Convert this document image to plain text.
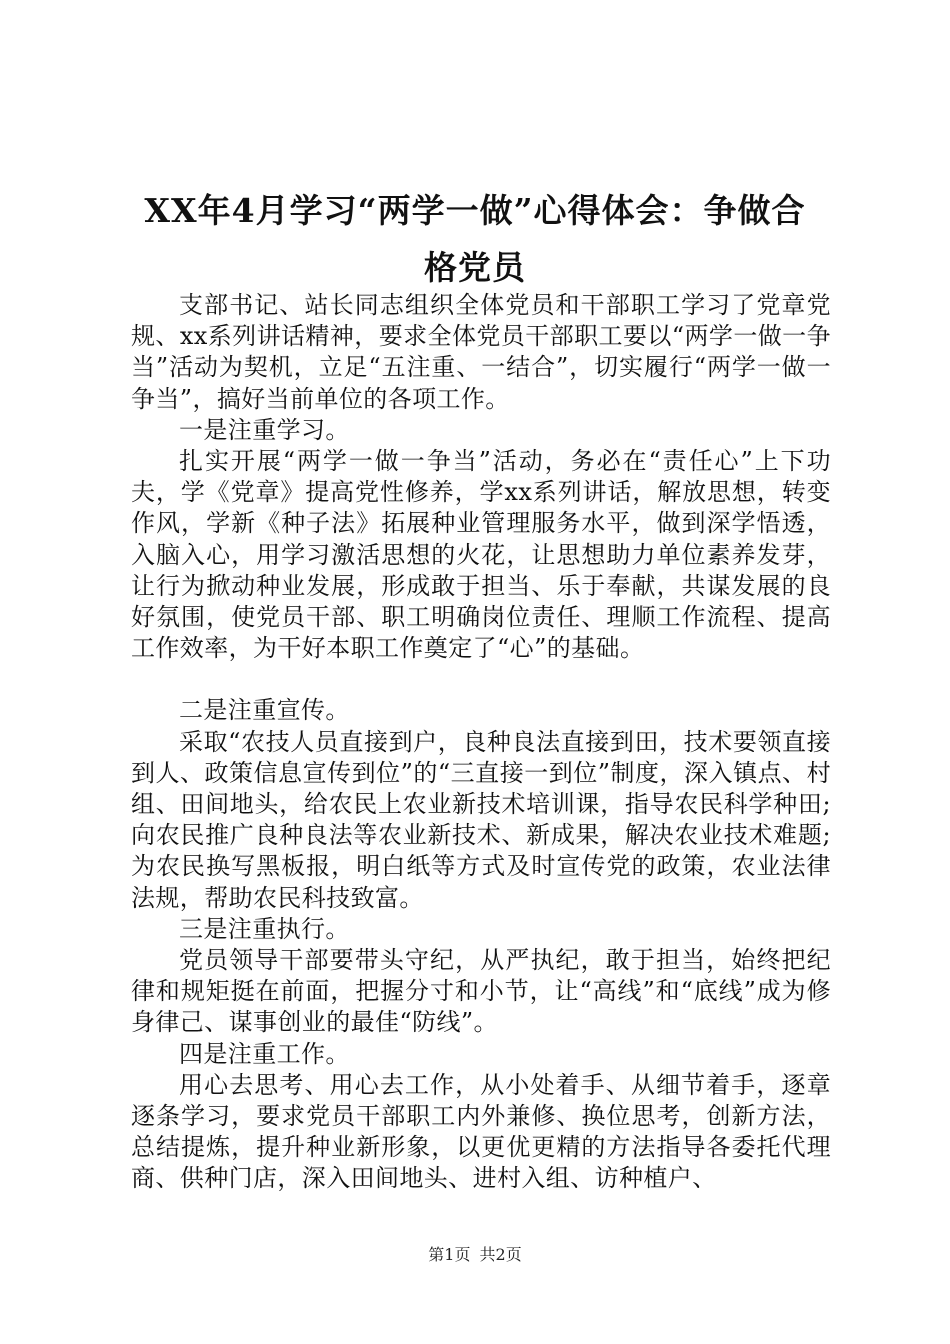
XX年4月学习“两学一做”心得体会：争做合
格党员

支部书记、站长同志组织全体党员和干部职工学习了党章党规、xx系列讲话精神，要求全体党员干部职工要以“两学一做一争当”活动为契机，立足“五注重、一结合”，切实履行“两学一做一争当”，搞好当前单位的各项工作。

一是注重学习。

扎实开展“两学一做一争当”活动，务必在“责任心”上下功夫，学《党章》提高党性修养，学xx系列讲话，解放思想，转变作风，学新《种子法》拓展种业管理服务水平，做到深学悟透，入脑入心，用学习激活思想的火花，让思想助力单位素养发芽，让行为掀动种业发展，形成敢于担当、乐于奉献，共谋发展的良好氛围，使党员干部、职工明确岗位责任、理顺工作流程、提高工作效率，为干好本职工作奠定了“心”的基础。

二是注重宣传。

采取“农技人员直接到户，良种良法直接到田，技术要领直接到人、政策信息宣传到位”的“三直接一到位”制度，深入镇点、村组、田间地头，给农民上农业新技术培训课，指导农民科学种田;向农民推广良种良法等农业新技术、新成果，解决农业技术难题;为农民换写黑板报，明白纸等方式及时宣传党的政策，农业法律法规，帮助农民科技致富。

三是注重执行。

党员领导干部要带头守纪，从严执纪，敢于担当，始终把纪律和规矩挺在前面，把握分寸和小节，让“高线”和“底线”成为修身律己、谋事创业的最佳“防线”。

四是注重工作。

用心去思考、用心去工作，从小处着手、从细节着手，逐章逐条学习，要求党员干部职工内外兼修、换位思考，创新方法，总结提炼，提升种业新形象，以更优更精的方法指导各委托代理商、供种门店，深入田间地头、进村入组、访种植户、

第1页 共2页
